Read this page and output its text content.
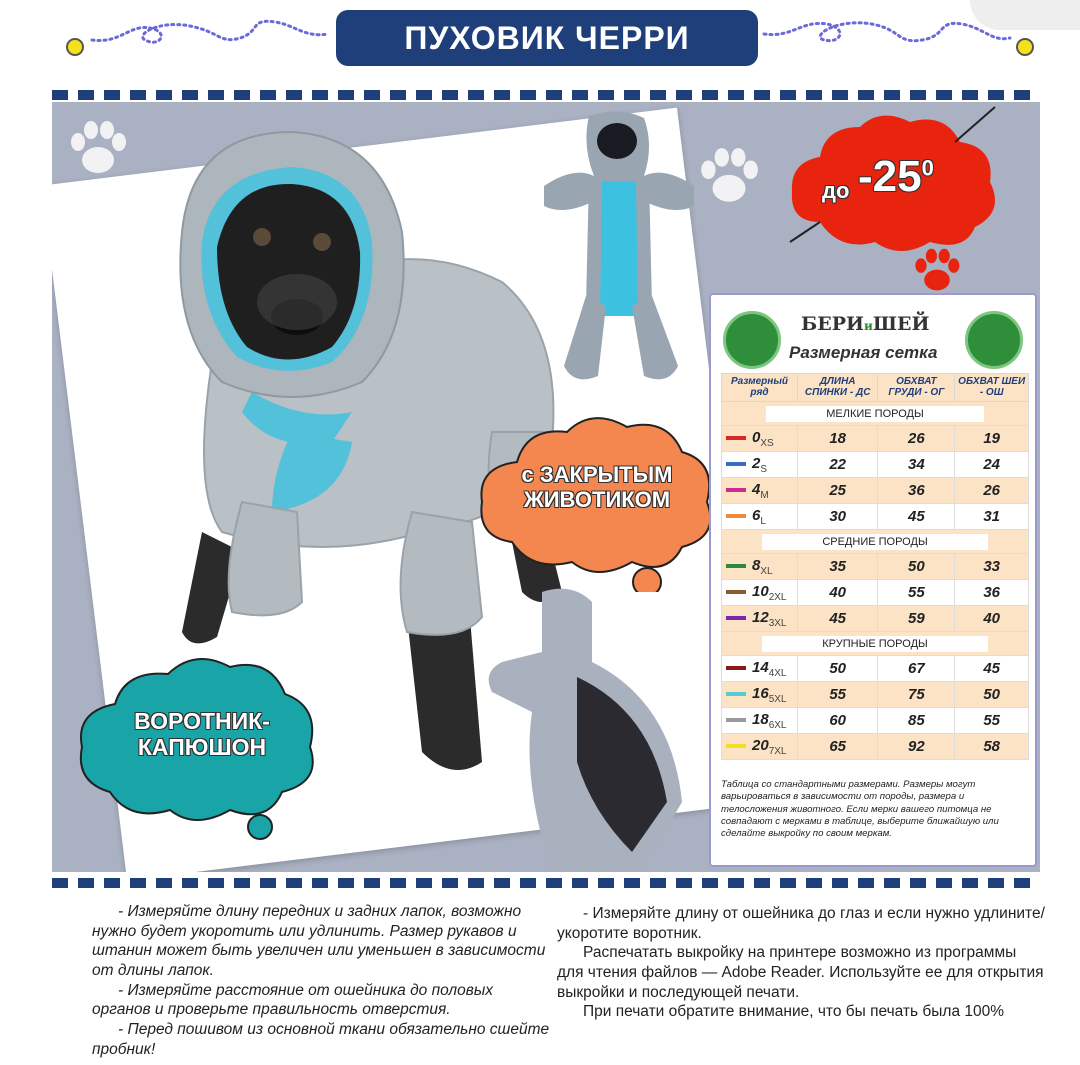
ПУХОВИК ЧЕРРИ
до $-25^0$
с ЗАКРЫТЫМ
ЖИВОТИКОМ
ВОРОТНИК-
КАПЮШОН
БЕРИиШЕЙ
Размерная сетка
Размерный ряд	ДЛИНА СПИНКИ - ДС	ОБХВАТ ГРУДИ - ОГ	ОБХВАТ ШЕИ - ОШ
МЕЛКИЕ ПОРОДЫ			
$0_{XS}$	18	26	19
$2_S$	22	34	24
$4_M$	25	36	26
$6_L$	30	45	31
СРЕДНИЕ ПОРОДЫ			
$8_{XL}$	35	50	33
$10_{2XL}$	40	55	36
$12_{3XL}$	45	59	40
КРУПНЫЕ ПОРОДЫ			
$14_{4XL}$	50	67	45
$16_{5XL}$	55	75	50
$18_{6XL}$	60	85	55
$20_{7XL}$	65	92	58
Таблица со стандартными размерами. Размеры могут варьироваться в зависимости от породы, размера и телосложения животного. Если мерки вашего питомца не совпадают с мерками в таблице, выберите ближайшую или сделайте выкройку по своим меркам.

- Измеряйте длину передних и задних лапок, возможно нужно будет укоротить или удлинить. Размер рукавов и штанин может быть увеличен или уменьшен в зависимости от длины лапок.

- Измеряйте расстояние от ошейника до половых органов и проверьте правильность отверстия.

- Перед пошивом из основной ткани обязательно сшейте пробник!

- Измеряйте длину от ошейника до глаз и если нужно удлините/укоротите воротник.

Распечатать выкройку на принтере возможно из программы для чтения файлов — Adobe Reader. Используйте ее для открытия выкройки и последующей печати.

При печати обратите внимание, что бы печать была 100%
